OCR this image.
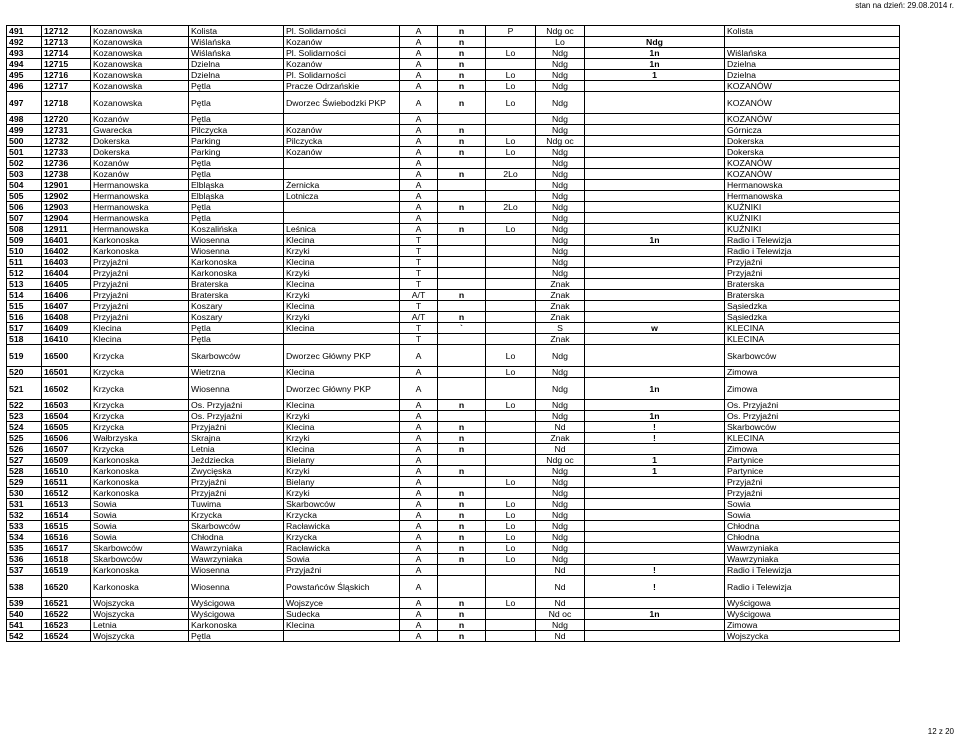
stan na dzień: 29.08.2014 r.
491	12712	Kozanowska	Kolista	Pl. Solidarności	A	n	P	Ndg oc		Kolista	
492	12713	Kozanowska	Wiślańska	Kozanów	A	n		Lo	Ndg		
493	12714	Kozanowska	Wiślańska	Pl. Solidarności	A	n	Lo	Ndg	1n	Wiślańska	
494	12715	Kozanowska	Dzielna	Kozanów	A	n		Ndg	1n	Dzielna	
495	12716	Kozanowska	Dzielna	Pl. Solidarności	A	n	Lo	Ndg	1	Dzielna	
496	12717	Kozanowska	Pętla	Pracze Odrzańskie	A	n	Lo	Ndg		KOZANÓW	
497	12718	Kozanowska	Pętla	Dworzec Świebodzki PKP	A	n	Lo	Ndg		KOZANÓW	
498	12720	Kozanów	Pętla		A			Ndg		KOZANÓW	
499	12731	Gwarecka	Pilczycka	Kozanów	A	n		Ndg		Górnicza	
500	12732	Dokerska	Parking	Pilczycka	A	n	Lo	Ndg oc		Dokerska	
501	12733	Dokerska	Parking	Kozanów	A	n	Lo	Ndg		Dokerska	
502	12736	Kozanów	Pętla		A			Ndg		KOZANÓW	
503	12738	Kozanów	Pętla		A	n	2Lo	Ndg		KOZANÓW	
504	12901	Hermanowska	Elbląska	Żernicka	A			Ndg		Hermanowska	
505	12902	Hermanowska	Elbląska	Lotnicza	A			Ndg		Hermanowska	
506	12903	Hermanowska	Pętla		A	n	2Lo	Ndg		KUŹNIKI	
507	12904	Hermanowska	Pętla		A			Ndg		KUŹNIKI	
508	12911	Hermanowska	Koszalińska	Leśnica	A	n	Lo	Ndg		KUŹNIKI	
509	16401	Karkonoska	Wiosenna	Klecina	T			Ndg	1n	Radio i Telewizja	
510	16402	Karkonoska	Wiosenna	Krzyki	T			Ndg		Radio i Telewizja	
511	16403	Przyjaźni	Karkonoska	Klecina	T			Ndg		Przyjaźni	
512	16404	Przyjaźni	Karkonoska	Krzyki	T			Ndg		Przyjaźni	
513	16405	Przyjaźni	Braterska	Klecina	T			Znak		Braterska	
514	16406	Przyjaźni	Braterska	Krzyki	A/T	n		Znak		Braterska	
515	16407	Przyjaźni	Koszary	Klecina	T			Znak		Sąsiedzka	
516	16408	Przyjaźni	Koszary	Krzyki	A/T	n		Znak		Sąsiedzka	
517	16409	Klecina	Pętla	Klecina	T	`		S	w	KLECINA	
518	16410	Klecina	Pętla		T			Znak		KLECINA	
519	16500	Krzycka	Skarbowców	Dworzec Główny PKP	A		Lo	Ndg		Skarbowców	
520	16501	Krzycka	Wietrzna	Klecina	A		Lo	Ndg		Zimowa	
521	16502	Krzycka	Wiosenna	Dworzec Główny PKP	A			Ndg	1n	Zimowa	
522	16503	Krzycka	Os. Przyjaźni	Klecina	A	n	Lo	Ndg		Os. Przyjaźni	
523	16504	Krzycka	Os. Przyjaźni	Krzyki	A			Ndg	1n	Os. Przyjaźni	
524	16505	Krzycka	Przyjaźni	Klecina	A	n		Nd	!	Skarbowców	
525	16506	Wałbrzyska	Skrajna	Krzyki	A	n		Znak	!	KLECINA	
526	16507	Krzycka	Letnia	Klecina	A	n		Nd		Zimowa	
527	16509	Karkonoska	Jeździecka	Bielany	A			Ndg oc	1	Partynice	
528	16510	Karkonoska	Zwycięska	Krzyki	A	n		Ndg	1	Partynice	
529	16511	Karkonoska	Przyjaźni	Bielany	A		Lo	Ndg		Przyjaźni	
530	16512	Karkonoska	Przyjaźni	Krzyki	A	n		Ndg		Przyjaźni	
531	16513	Sowia	Tuwima	Skarbowców	A	n	Lo	Ndg		Sowia	
532	16514	Sowia	Krzycka	Krzycka	A	n	Lo	Ndg		Sowia	
533	16515	Sowia	Skarbowców	Racławicka	A	n	Lo	Ndg		Chłodna	
534	16516	Sowia	Chłodna	Krzycka	A	n	Lo	Ndg		Chłodna	
535	16517	Skarbowców	Wawrzyniaka	Racławicka	A	n	Lo	Ndg		Wawrzyniaka	
536	16518	Skarbowców	Wawrzyniaka	Sowia	A	n	Lo	Ndg		Wawrzyniaka	
537	16519	Karkonoska	Wiosenna	Przyjaźni	A			Nd	!	Radio i Telewizja	
538	16520	Karkonoska	Wiosenna	Powstańców Śląskich	A			Nd	!	Radio i Telewizja	
539	16521	Wojszycka	Wyścigowa	Wojszyce	A	n	Lo	Nd		Wyścigowa	
540	16522	Wojszycka	Wyścigowa	Sudecka	A	n		Nd oc	1n	Wyścigowa	
541	16523	Letnia	Karkonoska	Klecina	A	n		Ndg		Zimowa	
542	16524	Wojszycka	Pętla		A	n		Nd		Wojszycka	
12 z 20
